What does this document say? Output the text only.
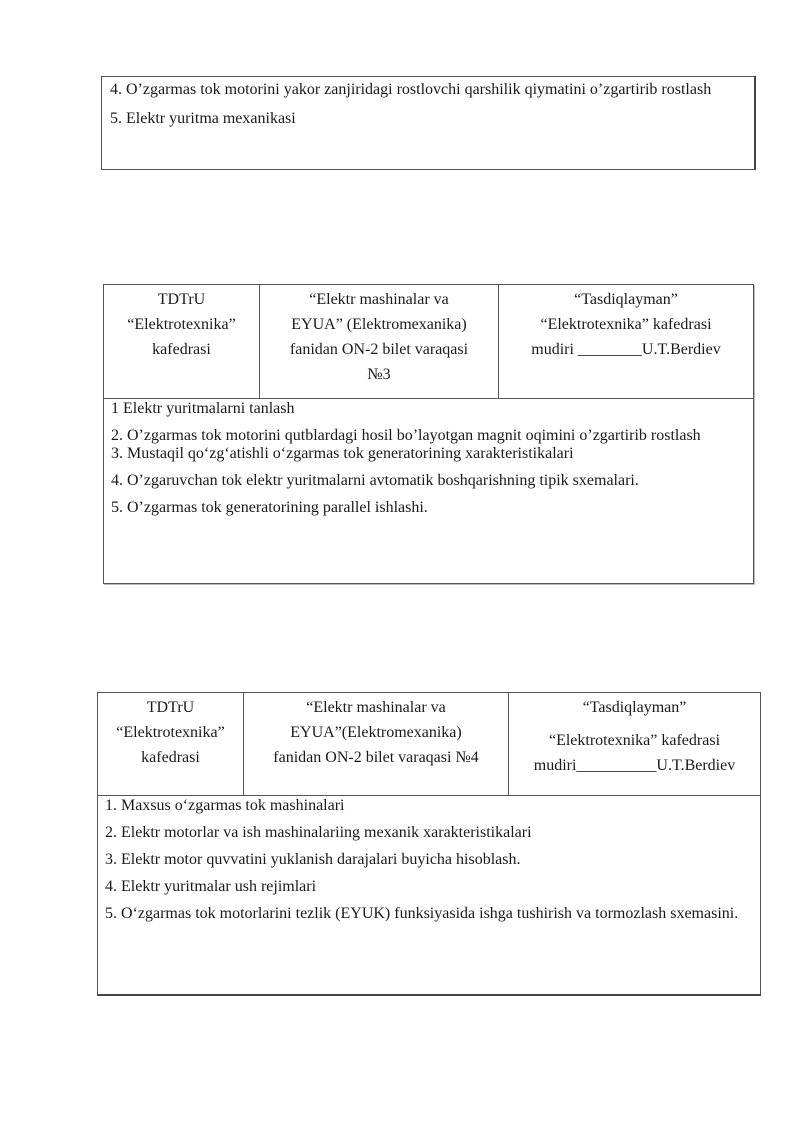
4. O’zgarmas tok motorini yakor zanjiridagi rostlovchi qarshilik qiymatini o’zgartirib rostlash

5. Elektr yuritma mexanikasi

TDTrU
“Elektrotexnika”
kafedrasi
“Elektr mashinalar va
EYUA” (Elektromexanika)
fanidan ON-2 bilet varaqasi
№3
“Tasdiqlayman”
“Elektrotexnika” kafedrasi
mudiri ________U.T.Berdiev

1 Elektr yuritmalarni tanlash

2. O’zgarmas tok motorini qutblardagi hosil bo’layotgan magnit oqimini o’zgartirib rostlash

3. Mustaqil qo‘zg‘atishli o‘zgarmas tok generatorining xarakteristikalari

4. O’zgaruvchan tok elektr yuritmalarni avtomatik boshqarishning tipik sxemalari.

5. O’zgarmas tok generatorining parallel ishlashi.

TDTrU
“Elektrotexnika”
kafedrasi
“Elektr mashinalar va
EYUA”(Elektromexanika)
fanidan ON-2 bilet varaqasi №4
“Tasdiqlayman”
“Elektrotexnika” kafedrasi
mudiri__________U.T.Berdiev

1. Maxsus o‘zgarmas tok mashinalari

2. Elektr motorlar va ish mashinalariing mexanik xarakteristikalari

3. Elektr motor quvvatini yuklanish darajalari buyicha hisoblash.

4. Elektr yuritmalar ush rejimlari

5. O‘zgarmas tok motorlarini tezlik (EYUK) funksiyasida ishga tushirish va tormozlash sxemasini.
